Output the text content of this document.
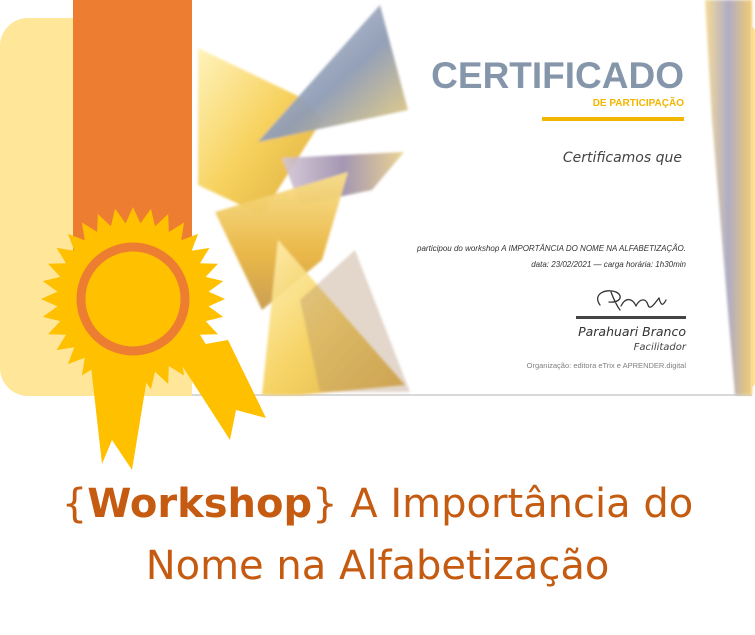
CERTIFICADO
DE PARTICIPAÇÃO
Certificamos que
participou do workshop A IMPORTÂNCIA DO NOME NA ALFABETIZAÇÃO.
data: 23/02/2021 — carga horária: 1h30min
Parahuari Branco
Facilitador
Organização: editora eTrix e APRENDER.digital
{Workshop} A Importância do
Nome na Alfabetização
